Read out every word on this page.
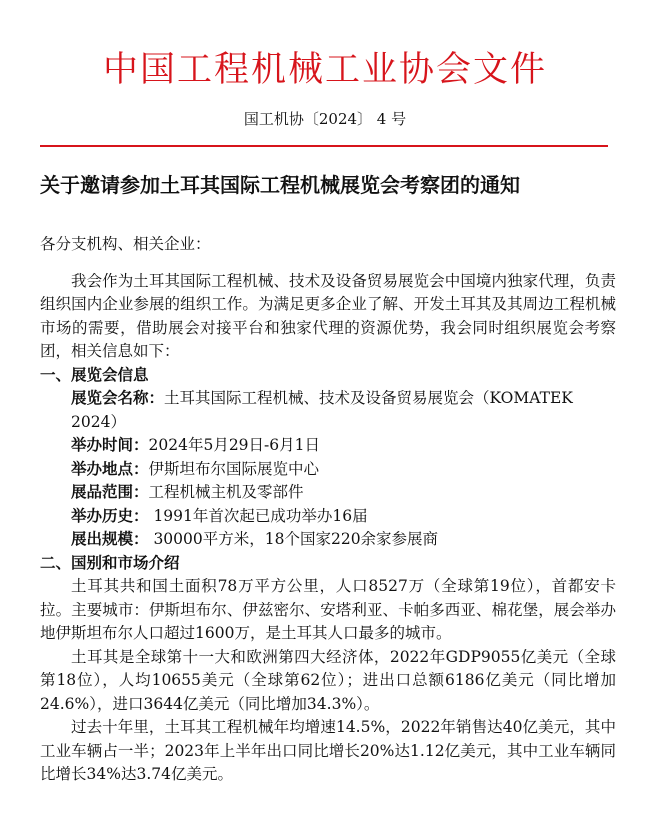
中国工程机械工业协会文件
国工机协〔2024〕 4 号
关于邀请参加土耳其国际工程机械展览会考察团的通知

各分支机构、相关企业：

我会作为土耳其国际工程机械、技术及设备贸易展览会中国境内独家代理，负责组织国内企业参展的组织工作。为满足更多企业了解、开发土耳其及其周边工程机械市场的需要，借助展会对接平台和独家代理的资源优势，我会同时组织展览会考察团，相关信息如下：

一、展览会信息

展览会名称：土耳其国际工程机械、技术及设备贸易展览会（KOMATEK 2024）

举办时间：2024年5月29日-6月1日

举办地点：伊斯坦布尔国际展览中心

展品范围：工程机械主机及零部件

举办历史： 1991年首次起已成功举办16届

展出规模： 30000平方米，18个国家220余家参展商

二、国别和市场介绍

土耳其共和国土面积78万平方公里，人口8527万（全球第19位），首都安卡拉。主要城市：伊斯坦布尔、伊兹密尔、安塔利亚、卡帕多西亚、棉花堡，展会举办地伊斯坦布尔人口超过1600万，是土耳其人口最多的城市。

土耳其是全球第十一大和欧洲第四大经济体，2022年GDP9055亿美元（全球第18位），人均10655美元（全球第62位）；进出口总额6186亿美元（同比增加24.6%），进口3644亿美元（同比增加34.3%）。

过去十年里，土耳其工程机械年均增速14.5%，2022年销售达40亿美元，其中工业车辆占一半；2023年上半年出口同比增长20%达1.12亿美元，其中工业车辆同比增长34%达3.74亿美元。
